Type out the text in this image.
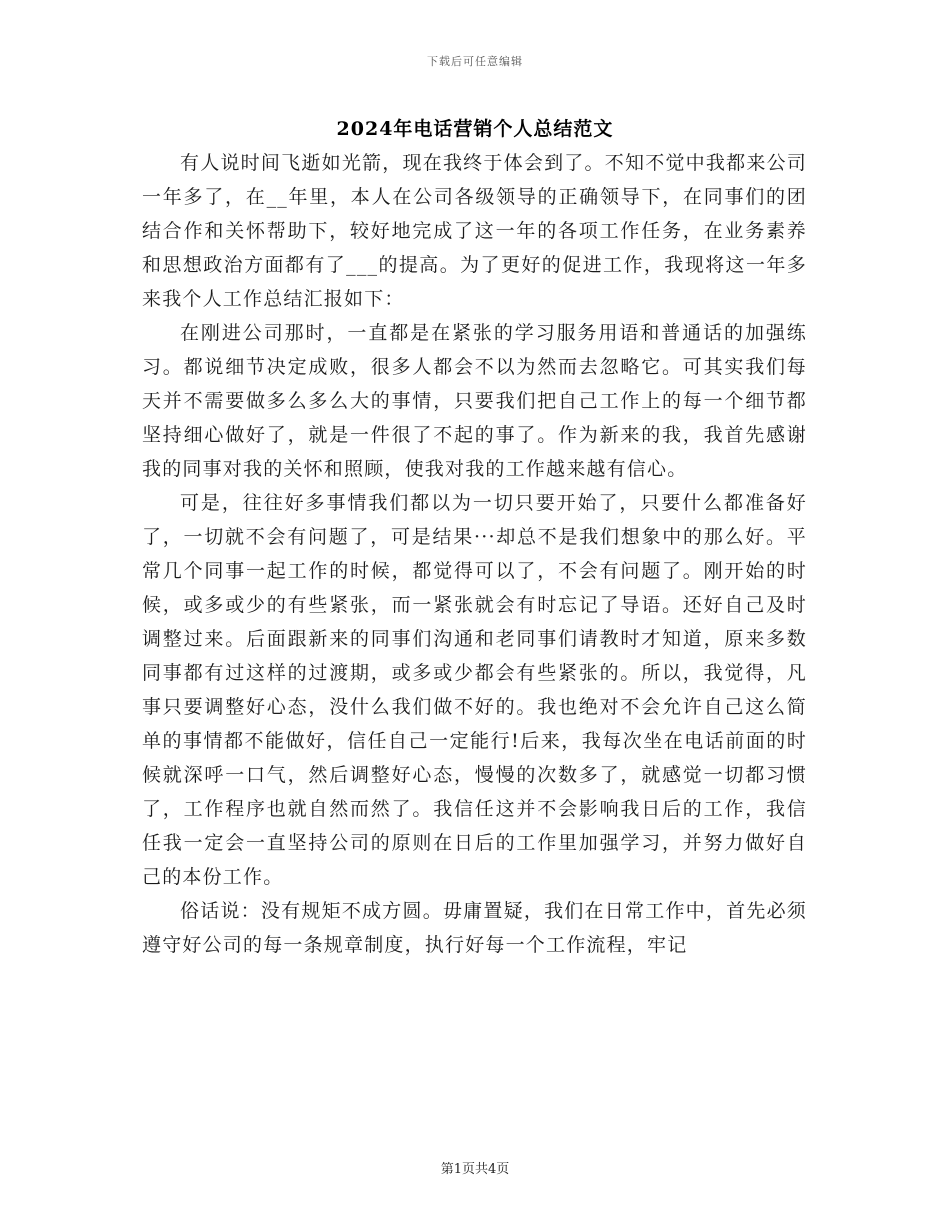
下载后可任意编辑
2024年电话营销个人总结范文

有人说时间飞逝如光箭，现在我终于体会到了。不知不觉中我都来公司一年多了，在__年里，本人在公司各级领导的正确领导下，在同事们的团结合作和关怀帮助下，较好地完成了这一年的各项工作任务，在业务素养和思想政治方面都有了___的提高。为了更好的促进工作，我现将这一年多来我个人工作总结汇报如下：

在刚进公司那时，一直都是在紧张的学习服务用语和普通话的加强练习。都说细节决定成败，很多人都会不以为然而去忽略它。可其实我们每天并不需要做多么多么大的事情，只要我们把自己工作上的每一个细节都坚持细心做好了，就是一件很了不起的事了。作为新来的我，我首先感谢我的同事对我的关怀和照顾，使我对我的工作越来越有信心。

可是，往往好多事情我们都以为一切只要开始了，只要什么都准备好了，一切就不会有问题了，可是结果···却总不是我们想象中的那么好。平常几个同事一起工作的时候，都觉得可以了，不会有问题了。刚开始的时候，或多或少的有些紧张，而一紧张就会有时忘记了导语。还好自己及时调整过来。后面跟新来的同事们沟通和老同事们请教时才知道，原来多数同事都有过这样的过渡期，或多或少都会有些紧张的。所以，我觉得，凡事只要调整好心态，没什么我们做不好的。我也绝对不会允许自己这么简单的事情都不能做好，信任自己一定能行!后来，我每次坐在电话前面的时候就深呼一口气，然后调整好心态，慢慢的次数多了，就感觉一切都习惯了，工作程序也就自然而然了。我信任这并不会影响我日后的工作，我信任我一定会一直坚持公司的原则在日后的工作里加强学习，并努力做好自己的本份工作。

俗话说：没有规矩不成方圆。毋庸置疑，我们在日常工作中，首先必须遵守好公司的每一条规章制度，执行好每一个工作流程，牢记

第1页共4页
